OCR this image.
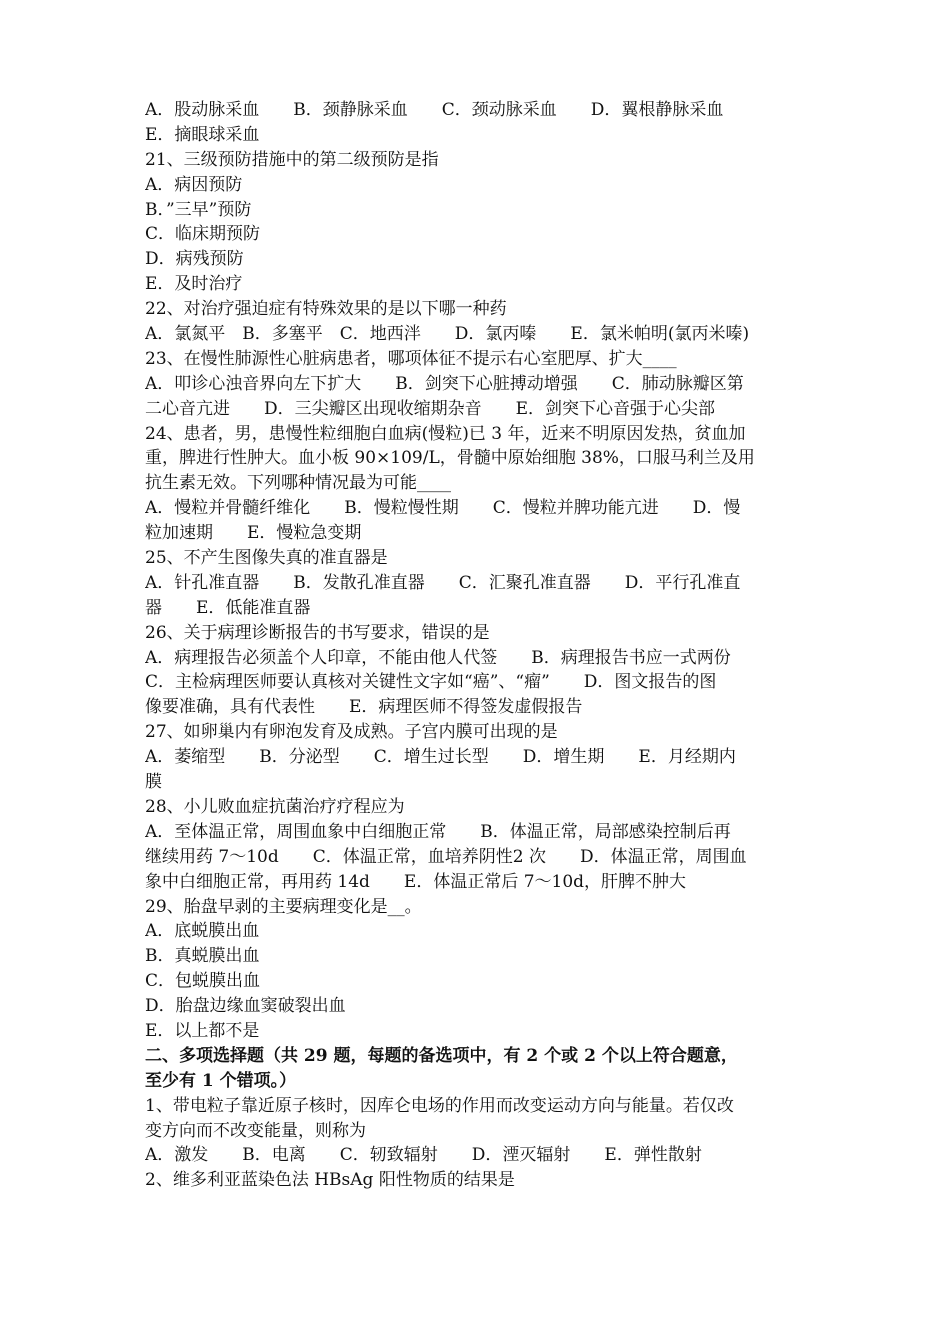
A．股动脉采血　　B．颈静脉采血　　C．颈动脉采血　　D．翼根静脉采血
E．摘眼球采血
21、三级预防措施中的第二级预防是指
A．病因预防
B．”三早”预防
C．临床期预防
D．病残预防
E．及时治疗
22、对治疗强迫症有特殊效果的是以下哪一种药
A．氯氮平　B．多塞平　C．地西泮　　D．氯丙嗪　　E．氯米帕明(氯丙米嗪)
23、在慢性肺源性心脏病患者，哪项体征不提示右心室肥厚、扩大____
A．叩诊心浊音界向左下扩大　　B．剑突下心脏搏动增强　　C．肺动脉瓣区第
二心音亢进　　D．三尖瓣区出现收缩期杂音　　E．剑突下心音强于心尖部
24、患者，男，患慢性粒细胞白血病(慢粒)已 3 年，近来不明原因发热，贫血加
重，脾进行性肿大。血小板 90×109/L，骨髓中原始细胞 38%，口服马利兰及用
抗生素无效。下列哪种情况最为可能____
A．慢粒并骨髓纤维化　　B．慢粒慢性期　　C．慢粒并脾功能亢进　　D．慢
粒加速期　　E．慢粒急变期
25、不产生图像失真的准直器是
A．针孔准直器　　B．发散孔准直器　　C．汇聚孔准直器　　D．平行孔准直
器　　E．低能准直器
26、关于病理诊断报告的书写要求，错误的是
A．病理报告必须盖个人印章，不能由他人代签　　B．病理报告书应一式两份
C．主检病理医师要认真核对关键性文字如“癌”、“瘤”　　D．图文报告的图
像要准确，具有代表性　　E．病理医师不得签发虚假报告
27、如卵巢内有卵泡发育及成熟。子宫内膜可出现的是
A．萎缩型　　B．分泌型　　C．增生过长型　　D．增生期　　E．月经期内
膜
28、小儿败血症抗菌治疗疗程应为
A．至体温正常，周围血象中白细胞正常　　B．体温正常，局部感染控制后再
继续用药 7～10d　　C．体温正常，血培养阴性2 次　　D．体温正常，周围血
象中白细胞正常，再用药 14d　　E．体温正常后 7～10d，肝脾不肿大
29、胎盘早剥的主要病理变化是__。
A．底蜕膜出血
B．真蜕膜出血
C．包蜕膜出血
D．胎盘边缘血窦破裂出血
E．以上都不是
二、多项选择题（共 29 题，每题的备选项中，有 2 个或 2 个以上符合题意，
至少有 1 个错项。）
1、带电粒子靠近原子核时，因库仑电场的作用而改变运动方向与能量。若仅改
变方向而不改变能量，则称为
A．激发　　B．电离　　C．轫致辐射　　D．湮灭辐射　　E．弹性散射
2、维多利亚蓝染色法 HBsAg 阳性物质的结果是
